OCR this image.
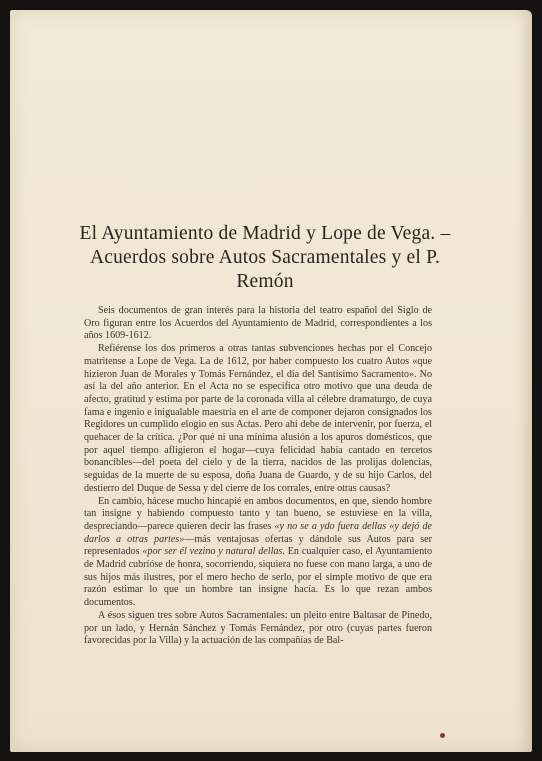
El Ayuntamiento de Madrid y Lope de Vega. – Acuerdos sobre Autos Sacramentales y el P. Remón

Seis documentos de gran interés para la historia del teatro español del Siglo de Oro figuran entre los Acuerdos del Ayuntamiento de Madrid, correspondientes a los años 1609-1612.

Refiérense los dos primeros a otras tantas subvenciones hechas por el Concejo matritense a Lope de Vega. La de 1612, por haber compuesto los cuatro Autos «que hizieron Juan de Morales y Tomás Fernández, el día del Santísimo Sacramento». No así la del año anterior. En el Acta no se especifica otro motivo que una deuda de afecto, gratitud y estima por parte de la coronada villa al célebre dramaturgo, de cuya fama e ingenio e inigualable maestría en el arte de componer dejaron consignados los Regidores un cumplido elogio en sus Actas. Pero ahí debe de intervenir, por fuerza, el quehacer de la crítica. ¿Por qué ni una mínima alusión a los apuros domésticos, que por aquel tiempo afligieron el hogar—cuya felicidad había cantado en tercetos bonancibles—del poeta del cielo y de la tierra, nacidos de las prolijas dolencias, seguidas de la muerte de su esposa, doña Juana de Guardo, y de su hijo Carlos, del destierro del Duque de Sessa y del cierre de los corrales, entre otras causas?

En cambio, hácese mucho hincapié en ambos documentos, en que, siendo hombre tan insigne y habiendo compuesto tanto y tan bueno, se estuviese en la villa, despreciando—parece quieren decir las frases «y no se a ydo fuera dellas «y dejó de darlos a otras partes»—más ventajosas ofertas y dándole sus Autos para ser representados «por ser él vezino y natural dellas. En cualquier caso, el Ayuntamiento de Madrid cubríóse de honra, socorriendo, siquiera no fuese con mano larga, a uno de sus hijos más ilustres, por el mero hecho de serlo, por el simple motivo de que era razón estimar lo que un hombre tan insigne hacía. Es lo que rezan ambos documentos.

A ésos siguen tres sobre Autos Sacramentales: un pleito entre Baltasar de Pinedo, por un lado, y Hernán Sánchez y Tomás Fernández, por otro (cuyas partes fueron favorecidas por la Villa) y la actuación de las compañías de Bal-
